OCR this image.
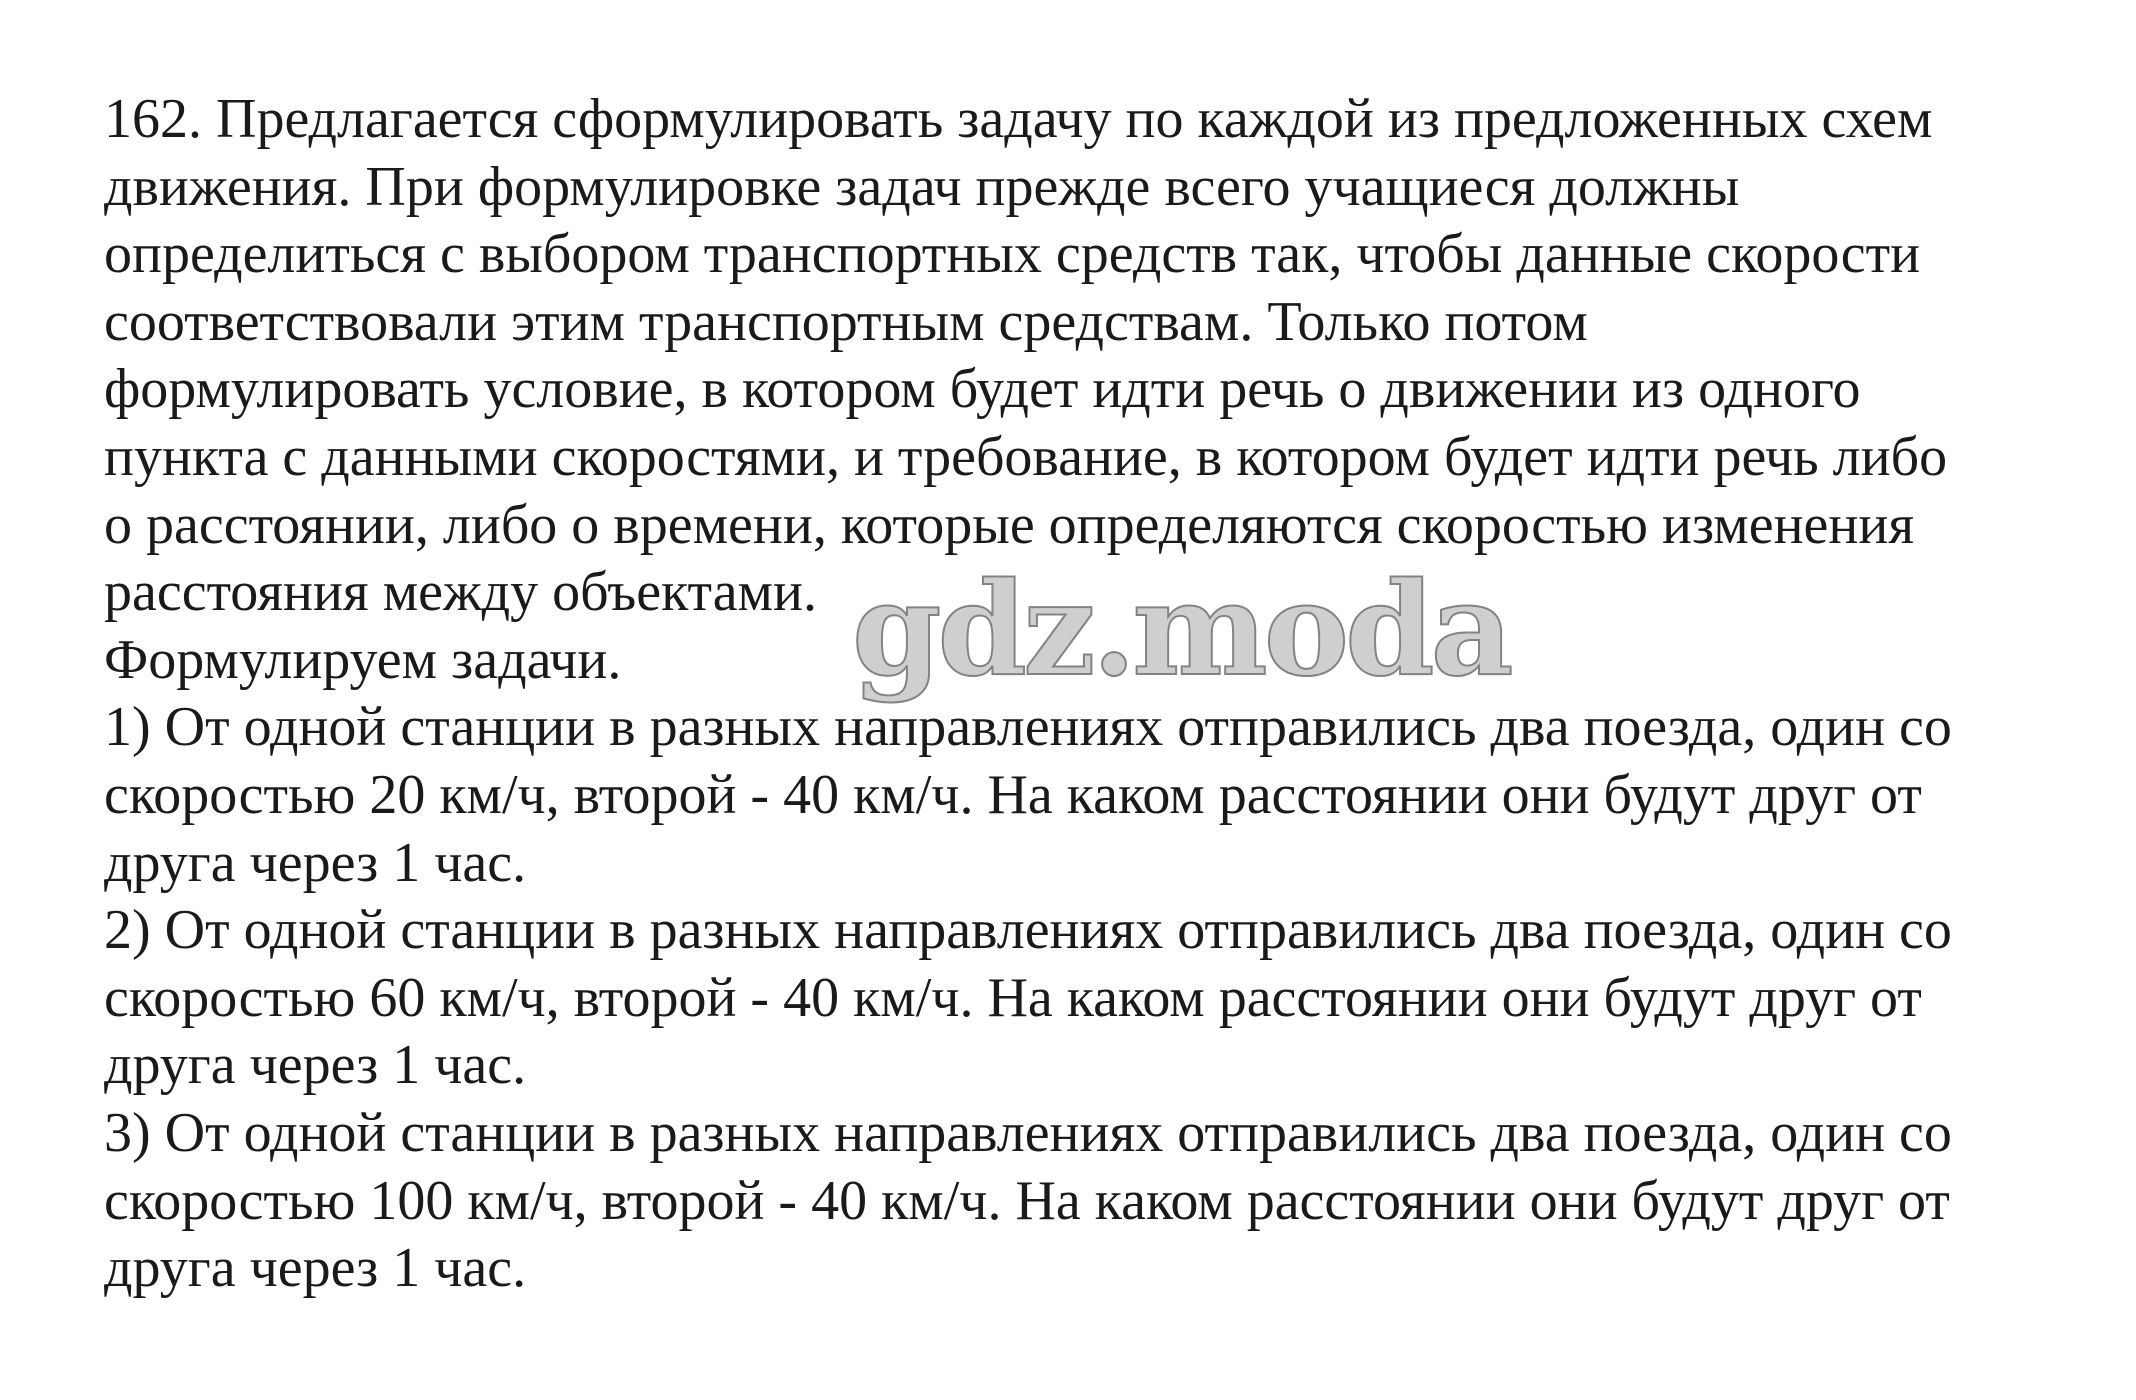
162. Предлагается сформулировать задачу по каждой из предложенных схем
движения. При формулировке задач прежде всего учащиеся должны
определиться с выбором транспортных средств так, чтобы данные скорости
соответствовали этим транспортным средствам. Только потом
формулировать условие, в котором будет идти речь о движении из одного
пункта с данными скоростями, и требование, в котором будет идти речь либо
о расстоянии, либо о времени, которые определяются скоростью изменения
расстояния между объектами.
Формулируем задачи.
1) От одной станции в разных направлениях отправились два поезда, один со
скоростью 20 км/ч, второй - 40 км/ч. На каком расстоянии они будут друг от
друга через 1 час.
2) От одной станции в разных направлениях отправились два поезда, один со
скоростью 60 км/ч, второй - 40 км/ч. На каком расстоянии они будут друг от
друга через 1 час.
3) От одной станции в разных направлениях отправились два поезда, один со
скоростью 100 км/ч, второй - 40 км/ч. На каком расстоянии они будут друг от
друга через 1 час.
gdz.moda
